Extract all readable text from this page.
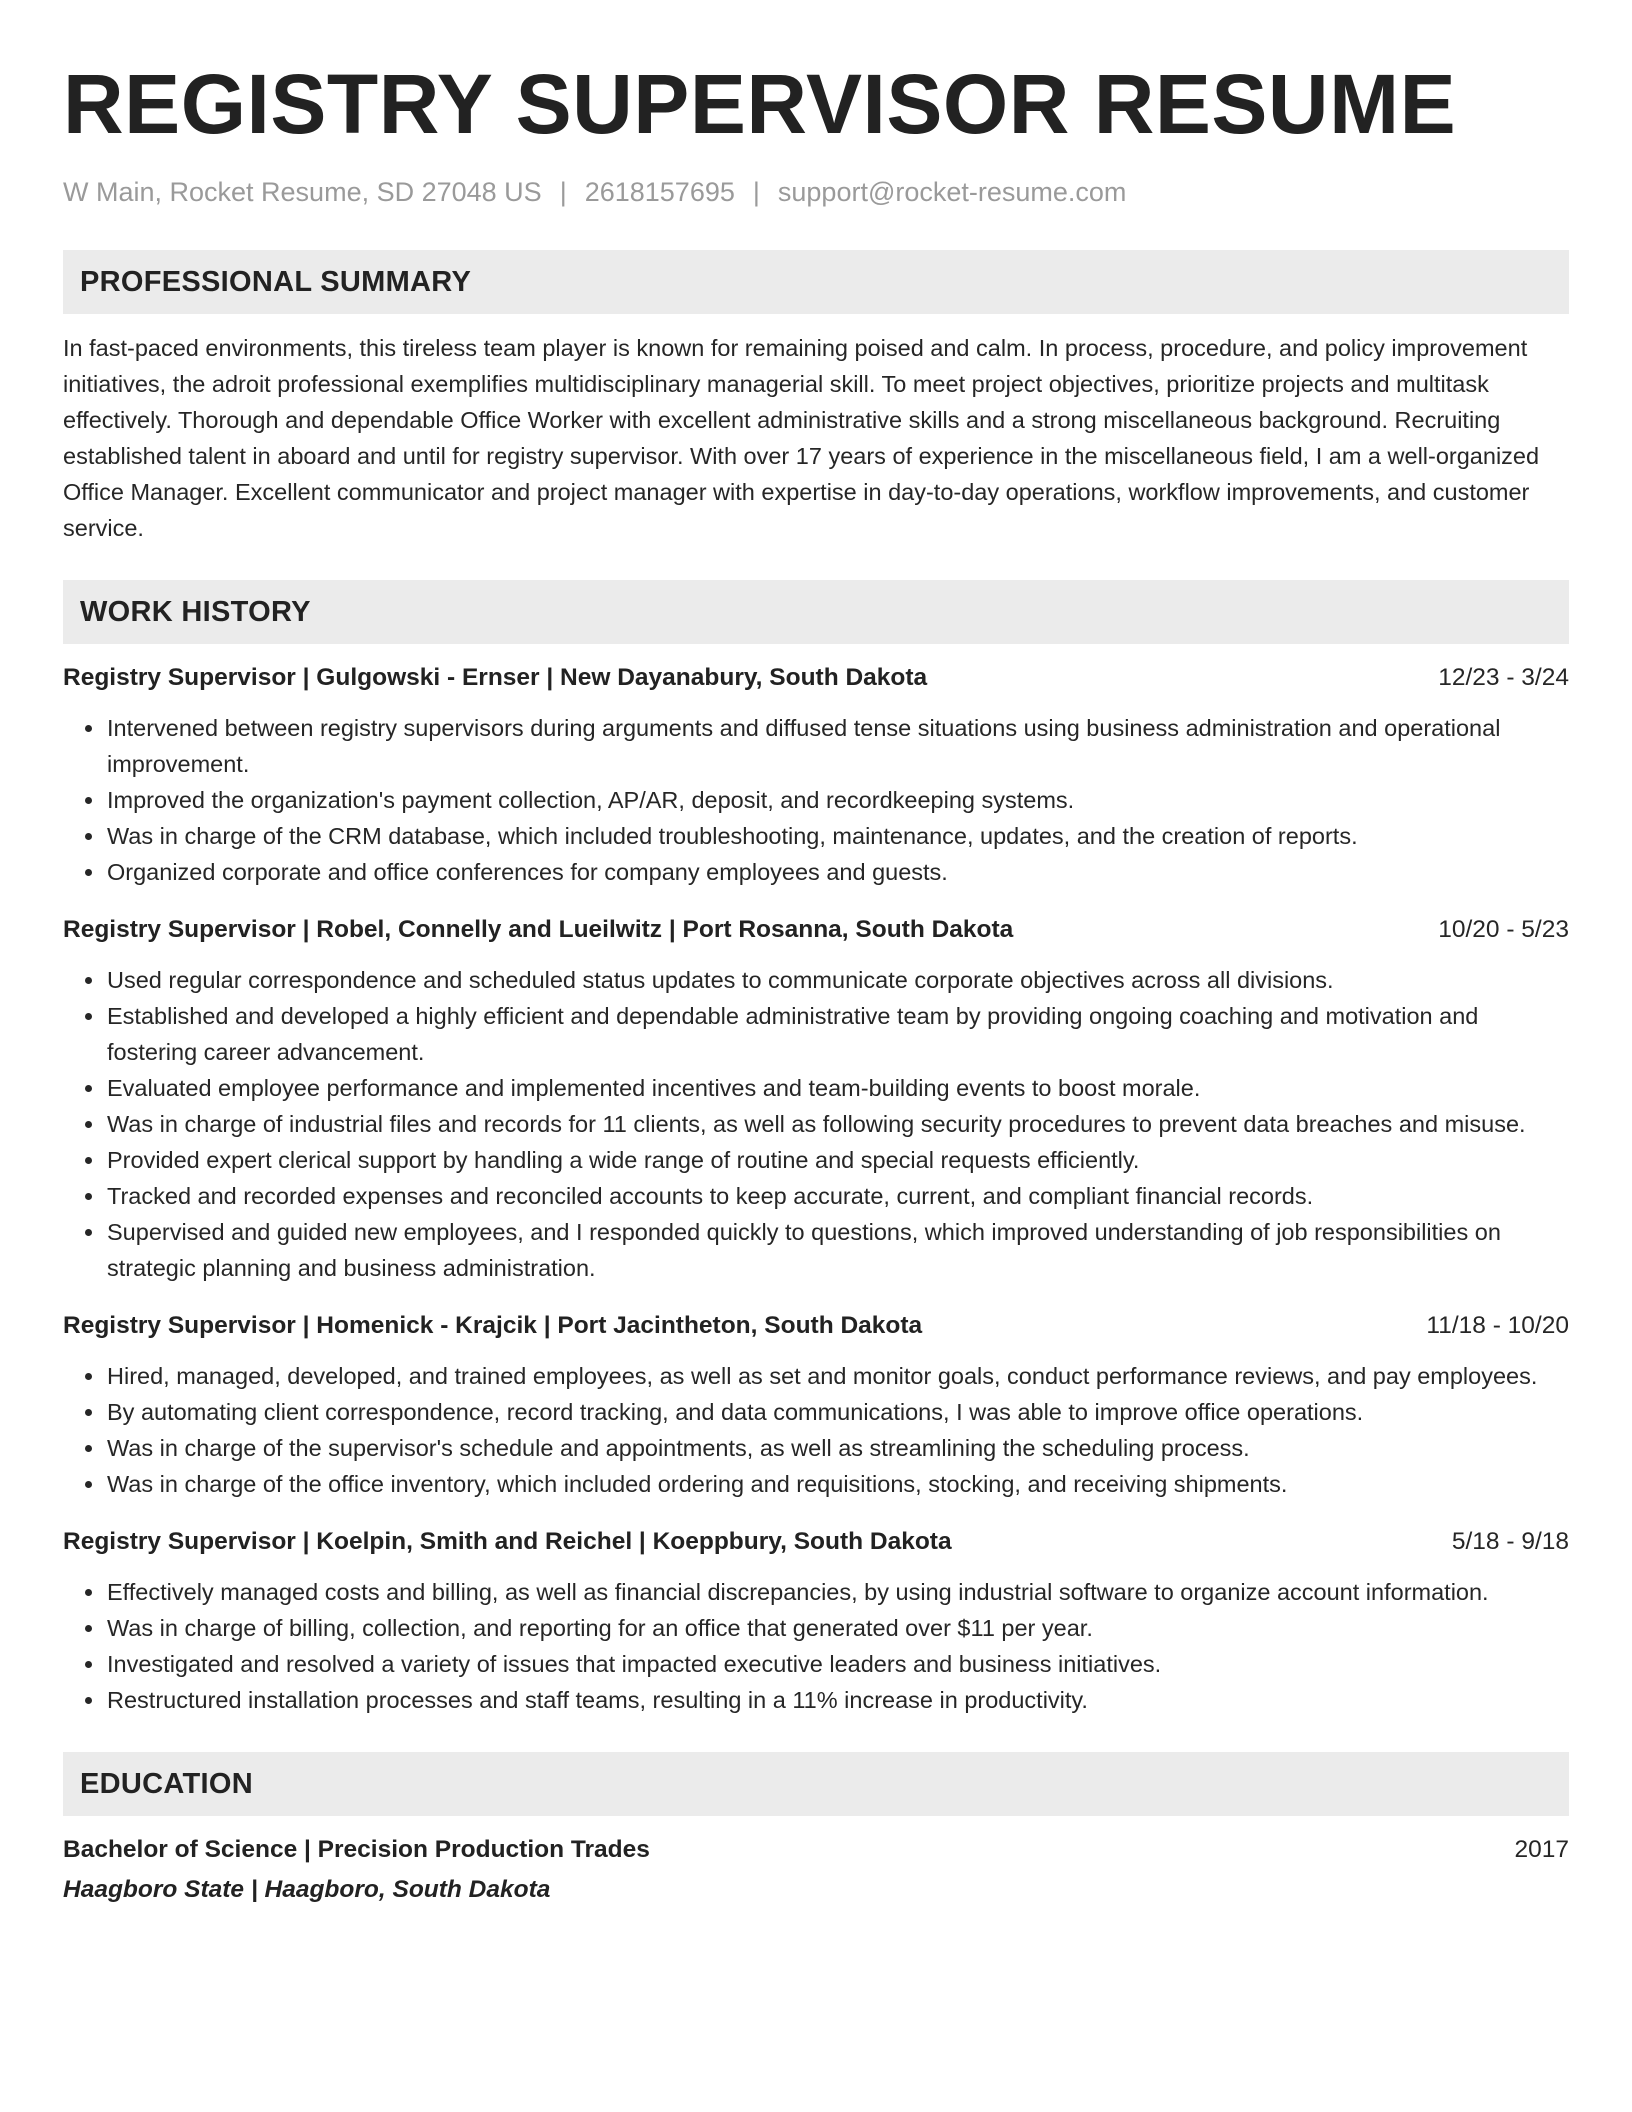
REGISTRY SUPERVISOR RESUME
W Main, Rocket Resume, SD 27048 US | 2618157695 | support@rocket-resume.com
PROFESSIONAL SUMMARY
In fast-paced environments, this tireless team player is known for remaining poised and calm. In process, procedure, and policy improvement initiatives, the adroit professional exemplifies multidisciplinary managerial skill. To meet project objectives, prioritize projects and multitask effectively. Thorough and dependable Office Worker with excellent administrative skills and a strong miscellaneous background. Recruiting established talent in aboard and until for registry supervisor. With over 17 years of experience in the miscellaneous field, I am a well-organized Office Manager. Excellent communicator and project manager with expertise in day-to-day operations, workflow improvements, and customer service.
WORK HISTORY
Registry Supervisor | Gulgowski - Ernser | New Dayanabury, South Dakota	12/23 - 3/24
• Intervened between registry supervisors during arguments and diffused tense situations using business administration and operational improvement.
• Improved the organization's payment collection, AP/AR, deposit, and recordkeeping systems.
• Was in charge of the CRM database, which included troubleshooting, maintenance, updates, and the creation of reports.
• Organized corporate and office conferences for company employees and guests.
Registry Supervisor | Robel, Connelly and Lueilwitz | Port Rosanna, South Dakota	10/20 - 5/23
• Used regular correspondence and scheduled status updates to communicate corporate objectives across all divisions.
• Established and developed a highly efficient and dependable administrative team by providing ongoing coaching and motivation and fostering career advancement.
• Evaluated employee performance and implemented incentives and team-building events to boost morale.
• Was in charge of industrial files and records for 11 clients, as well as following security procedures to prevent data breaches and misuse.
• Provided expert clerical support by handling a wide range of routine and special requests efficiently.
• Tracked and recorded expenses and reconciled accounts to keep accurate, current, and compliant financial records.
• Supervised and guided new employees, and I responded quickly to questions, which improved understanding of job responsibilities on strategic planning and business administration.
Registry Supervisor | Homenick - Krajcik | Port Jacintheton, South Dakota	11/18 - 10/20
• Hired, managed, developed, and trained employees, as well as set and monitor goals, conduct performance reviews, and pay employees.
• By automating client correspondence, record tracking, and data communications, I was able to improve office operations.
• Was in charge of the supervisor's schedule and appointments, as well as streamlining the scheduling process.
• Was in charge of the office inventory, which included ordering and requisitions, stocking, and receiving shipments.
Registry Supervisor | Koelpin, Smith and Reichel | Koeppbury, South Dakota	5/18 - 9/18
• Effectively managed costs and billing, as well as financial discrepancies, by using industrial software to organize account information.
• Was in charge of billing, collection, and reporting for an office that generated over $11 per year.
• Investigated and resolved a variety of issues that impacted executive leaders and business initiatives.
• Restructured installation processes and staff teams, resulting in a 11% increase in productivity.
EDUCATION
Bachelor of Science | Precision Production Trades	2017
Haagboro State | Haagboro, South Dakota
